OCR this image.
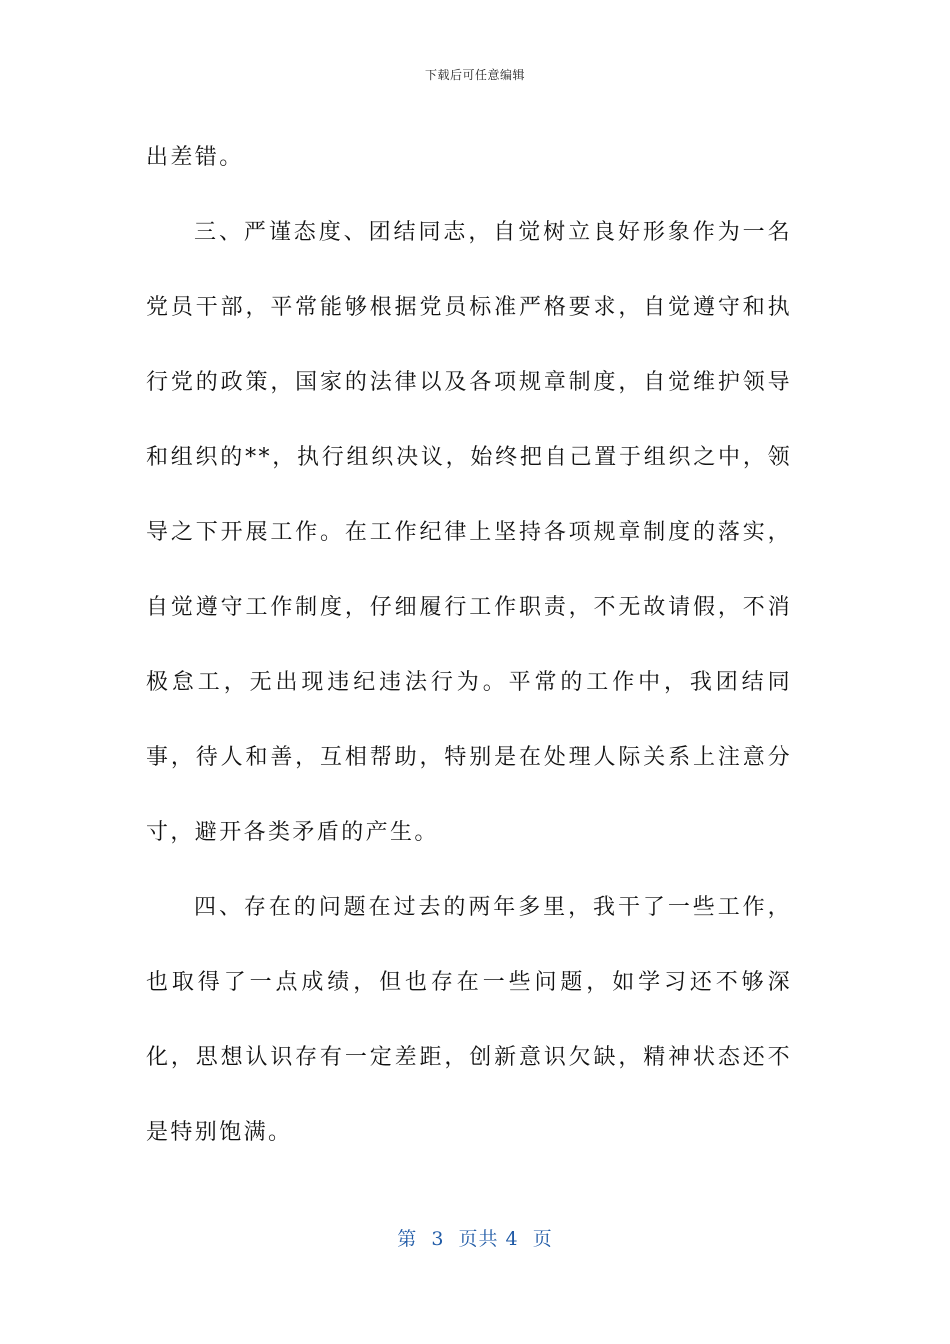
下载后可任意编辑

出差错。

三、严谨态度、团结同志，自觉树立良好形象作为一名党员干部，平常能够根据党员标准严格要求，自觉遵守和执行党的政策，国家的法律以及各项规章制度，自觉维护领导和组织的**，执行组织决议，始终把自己置于组织之中，领导之下开展工作。在工作纪律上坚持各项规章制度的落实，自觉遵守工作制度，仔细履行工作职责，不无故请假，不消极怠工，无出现违纪违法行为。平常的工作中，我团结同事，待人和善，互相帮助，特别是在处理人际关系上注意分寸，避开各类矛盾的产生。

四、存在的问题在过去的两年多里，我干了一些工作，也取得了一点成绩，但也存在一些问题，如学习还不够深化，思想认识存有一定差距，创新意识欠缺，精神状态还不是特别饱满。

第  3  页共 4  页
